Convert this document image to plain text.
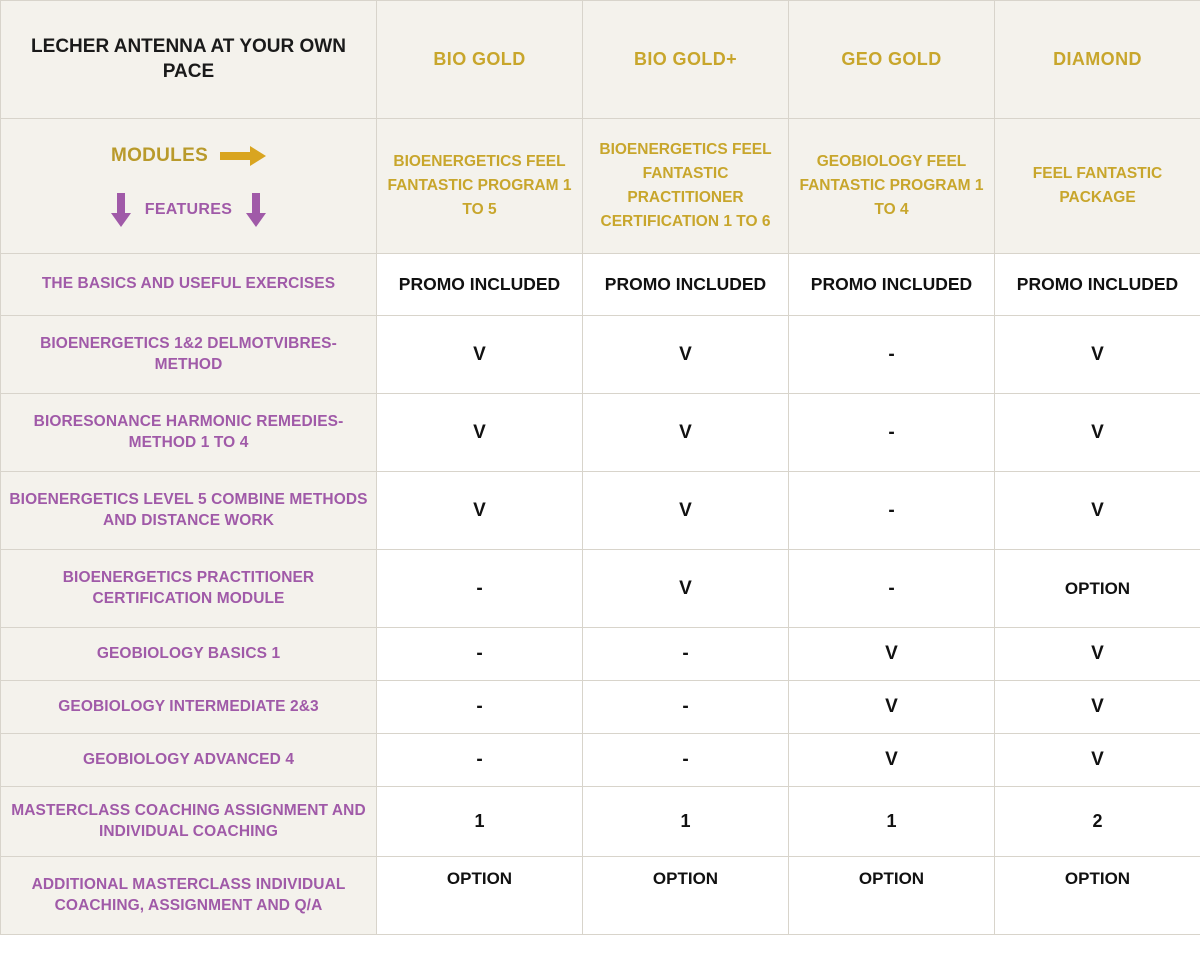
LECHER ANTENNA AT YOUR OWN PACE	BIO GOLD	BIO GOLD+	GEO GOLD	DIAMOND

MODULES
FEATURES	BIOENERGETICS FEEL FANTASTIC PROGRAM 1 TO 5	BIOENERGETICS FEEL FANTASTIC PRACTITIONER CERTIFICATION 1 TO 6	GEOBIOLOGY FEEL FANTASTIC PROGRAM 1 TO 4	FEEL FANTASTIC PACKAGE
THE BASICS AND USEFUL EXERCISES	PROMO INCLUDED	PROMO INCLUDED	PROMO INCLUDED	PROMO INCLUDED
BIOENERGETICS 1&2 DELMOTVIBRES-METHOD	V	V	-	V
BIORESONANCE HARMONIC REMEDIES-METHOD 1 TO 4	V	V	-	V
BIOENERGETICS LEVEL 5 COMBINE METHODS AND DISTANCE WORK	V	V	-	V
BIOENERGETICS PRACTITIONER CERTIFICATION MODULE	-	V	-	OPTION
GEOBIOLOGY BASICS 1	-	-	V	V
GEOBIOLOGY INTERMEDIATE 2&3	-	-	V	V
GEOBIOLOGY ADVANCED 4	-	-	V	V
MASTERCLASS COACHING ASSIGNMENT AND INDIVIDUAL COACHING	1	1	1	2
ADDITIONAL MASTERCLASS INDIVIDUAL COACHING, ASSIGNMENT AND Q/A	OPTION	OPTION	OPTION	OPTION
